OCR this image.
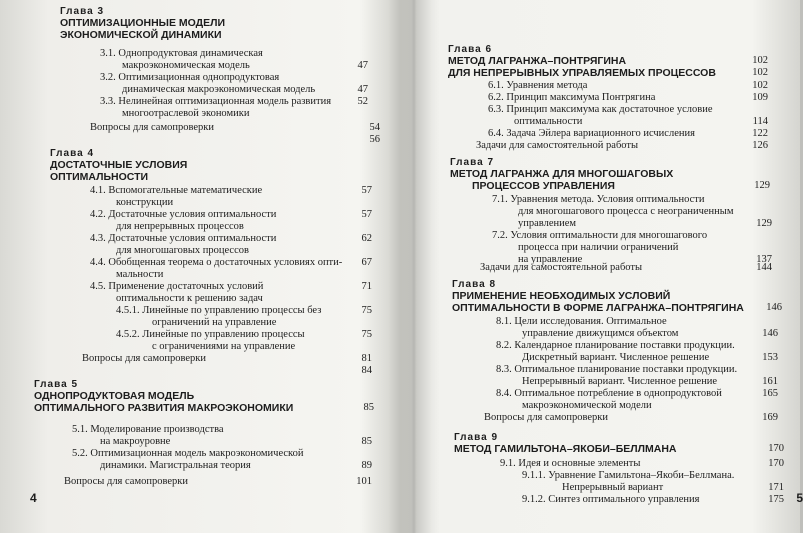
Глава 3
ОПТИМИЗАЦИОННЫЕ МОДЕЛИ
ЭКОНОМИЧЕСКОЙ ДИНАМИКИ
3.1. Однопродуктовая динамическая
макроэкономическая модель	47
3.2. Оптимизационная однопродуктовая
динамическая макроэкономическая модель	47
3.3. Нелинейная оптимизационная модель развития	52
многоотраслевой экономики
Вопросы для самопроверки	54
56
Глава 4
ДОСТАТОЧНЫЕ УСЛОВИЯ
ОПТИМАЛЬНОСТИ
4.1. Вспомогательные математические	57
конструкции
4.2. Достаточные условия оптимальности	57
для непрерывных процессов
4.3. Достаточные условия оптимальности	62
для многошаговых процессов
4.4. Обобщенная теорема о достаточных условиях опти- 67
мальности
4.5. Применение достаточных условий	71
оптимальности к решению задач
4.5.1. Линейные по управлению процессы без	75
ограничений на управление
4.5.2. Линейные по управлению процессы	75
с ограничениями на управление
Вопросы для самопроверки	81
84
Глава 5
ОДНОПРОДУКТОВАЯ МОДЕЛЬ
ОПТИМАЛЬНОГО РАЗВИТИЯ МАКРОЭКОНОМИКИ	85
5.1. Моделирование производства
на макроуровне	85
5.2. Оптимизационная модель макроэкономической
динамики. Магистральная теория	89
Вопросы для самопроверки	101
4
Глава 6
МЕТОД ЛАГРАНЖА–ПОНТРЯГИНА	102
ДЛЯ НЕПРЕРЫВНЫХ УПРАВЛЯЕМЫХ ПРОЦЕССОВ	102
6.1. Уравнения метода	102
6.2. Принцип максимума Понтрягина	109
6.3. Принцип максимума как достаточное условие
оптимальности	114
6.4. Задача Эйлера вариационного исчисления	122
Задачи для самостоятельной работы	126
Глава 7
МЕТОД ЛАГРАНЖА ДЛЯ МНОГОШАГОВЫХ
ПРОЦЕССОВ УПРАВЛЕНИЯ	129
7.1. Уравнения метода. Условия оптимальности
для многошагового процесса с неограниченным
управлением	129
7.2. Условия оптимальности для многошагового
процесса при наличии ограничений
на управление	137
Задачи для самостоятельной работы	144
Глава 8
ПРИМЕНЕНИЕ НЕОБХОДИМЫХ УСЛОВИЙ
ОПТИМАЛЬНОСТИ В ФОРМЕ ЛАГРАНЖА–ПОНТРЯГИНА 146
8.1. Цели исследования. Оптимальное
управление движущимся объектом	146
8.2. Календарное планирование поставки продукции.
Дискретный вариант. Численное решение	153
8.3. Оптимальное планирование поставки продукции.
Непрерывный вариант. Численное решение	161
8.4. Оптимальное потребление в однопродуктовой	165
макроэкономической модели
Вопросы для самопроверки	169
Глава 9
МЕТОД ГАМИЛЬТОНА–ЯКОБИ–БЕЛЛМАНА	170
9.1. Идея и основные элементы	170
9.1.1. Уравнение Гамильтона–Якоби–Беллмана.
Непрерывный вариант	171
9.1.2. Синтез оптимального управления	175 5
